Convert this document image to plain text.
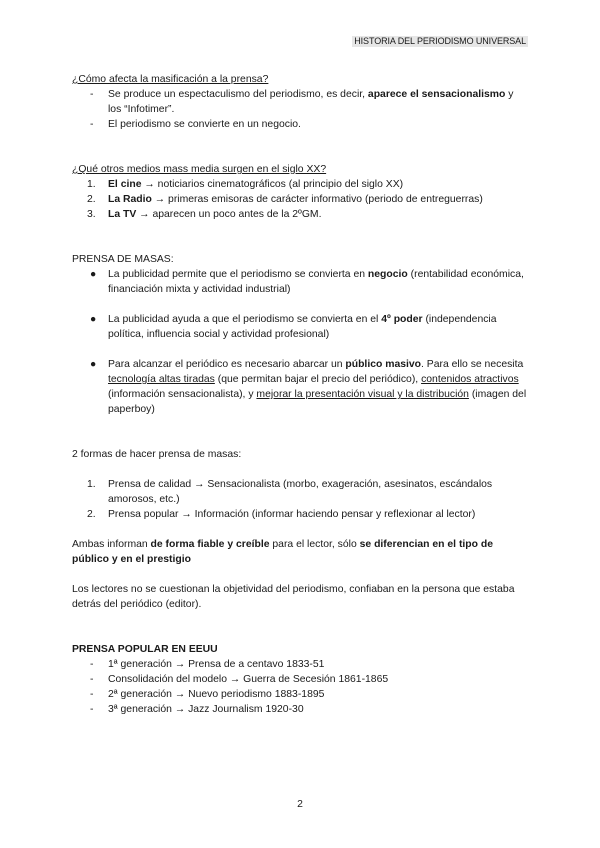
HISTORIA DEL PERIODISMO UNIVERSAL

¿Cómo afecta la masificación a la prensa?

- Se produce un espectaculismo del periodismo, es decir, aparece el sensacionalismo y los “Infotimer”.
- El periodismo se convierte en un negocio.

¿Qué otros medios mass media surgen en el siglo XX?

1. El cine → noticiarios cinematográficos (al principio del siglo XX)
2. La Radio → primeras emisoras de carácter informativo (periodo de entreguerras)
3. La TV → aparecen un poco antes de la 2ºGM.

PRENSA DE MASAS:

● La publicidad permite que el periodismo se convierta en negocio (rentabilidad económica, financiación mixta y actividad industrial)
● La publicidad ayuda a que el periodismo se convierta en el 4º poder (independencia política, influencia social y actividad profesional)
● Para alcanzar el periódico es necesario abarcar un público masivo. Para ello se necesita tecnología altas tiradas (que permitan bajar el precio del periódico), contenidos atractivos (información sensacionalista), y mejorar la presentación visual y la distribución (imagen del paperboy)

2 formas de hacer prensa de masas:

1. Prensa de calidad → Sensacionalista (morbo, exageración, asesinatos, escándalos amorosos, etc.)
2. Prensa popular → Información (informar haciendo pensar y reflexionar al lector)

Ambas informan de forma fiable y creíble para el lector, sólo se diferencian en el tipo de público y en el prestigio

Los lectores no se cuestionan la objetividad del periodismo, confiaban en la persona que estaba detrás del periódico (editor).

PRENSA POPULAR EN EEUU

- 1ª generación → Prensa de a centavo 1833-51
- Consolidación del modelo → Guerra de Secesión 1861-1865
- 2ª generación → Nuevo periodismo 1883-1895
- 3ª generación → Jazz Journalism 1920-30
2
